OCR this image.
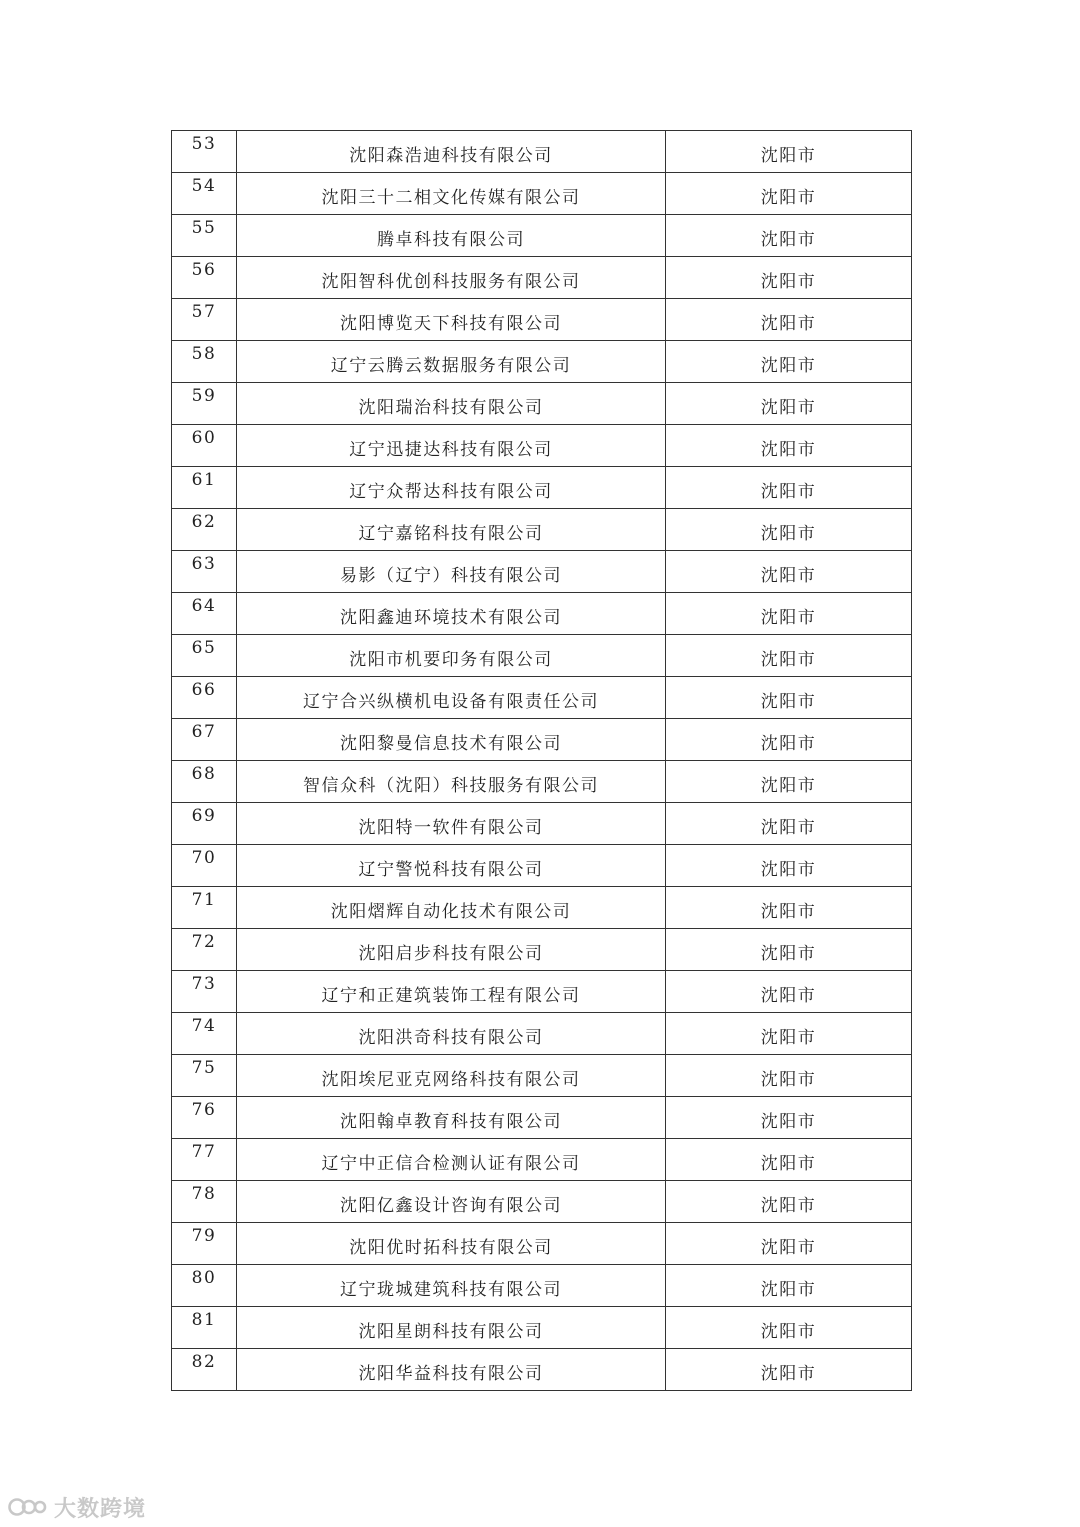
53	沈阳森浩迪科技有限公司	沈阳市
54	沈阳三十二相文化传媒有限公司	沈阳市
55	腾卓科技有限公司	沈阳市
56	沈阳智科优创科技服务有限公司	沈阳市
57	沈阳博览天下科技有限公司	沈阳市
58	辽宁云腾云数据服务有限公司	沈阳市
59	沈阳瑞治科技有限公司	沈阳市
60	辽宁迅捷达科技有限公司	沈阳市
61	辽宁众帮达科技有限公司	沈阳市
62	辽宁嘉铭科技有限公司	沈阳市
63	易影（辽宁）科技有限公司	沈阳市
64	沈阳鑫迪环境技术有限公司	沈阳市
65	沈阳市机要印务有限公司	沈阳市
66	辽宁合兴纵横机电设备有限责任公司	沈阳市
67	沈阳黎曼信息技术有限公司	沈阳市
68	智信众科（沈阳）科技服务有限公司	沈阳市
69	沈阳特一软件有限公司	沈阳市
70	辽宁警悦科技有限公司	沈阳市
71	沈阳熠辉自动化技术有限公司	沈阳市
72	沈阳启步科技有限公司	沈阳市
73	辽宁和正建筑装饰工程有限公司	沈阳市
74	沈阳洪奇科技有限公司	沈阳市
75	沈阳埃尼亚克网络科技有限公司	沈阳市
76	沈阳翰卓教育科技有限公司	沈阳市
77	辽宁中正信合检测认证有限公司	沈阳市
78	沈阳亿鑫设计咨询有限公司	沈阳市
79	沈阳优时拓科技有限公司	沈阳市
80	辽宁珑城建筑科技有限公司	沈阳市
81	沈阳星朗科技有限公司	沈阳市
82	沈阳华益科技有限公司	沈阳市
大数跨境
